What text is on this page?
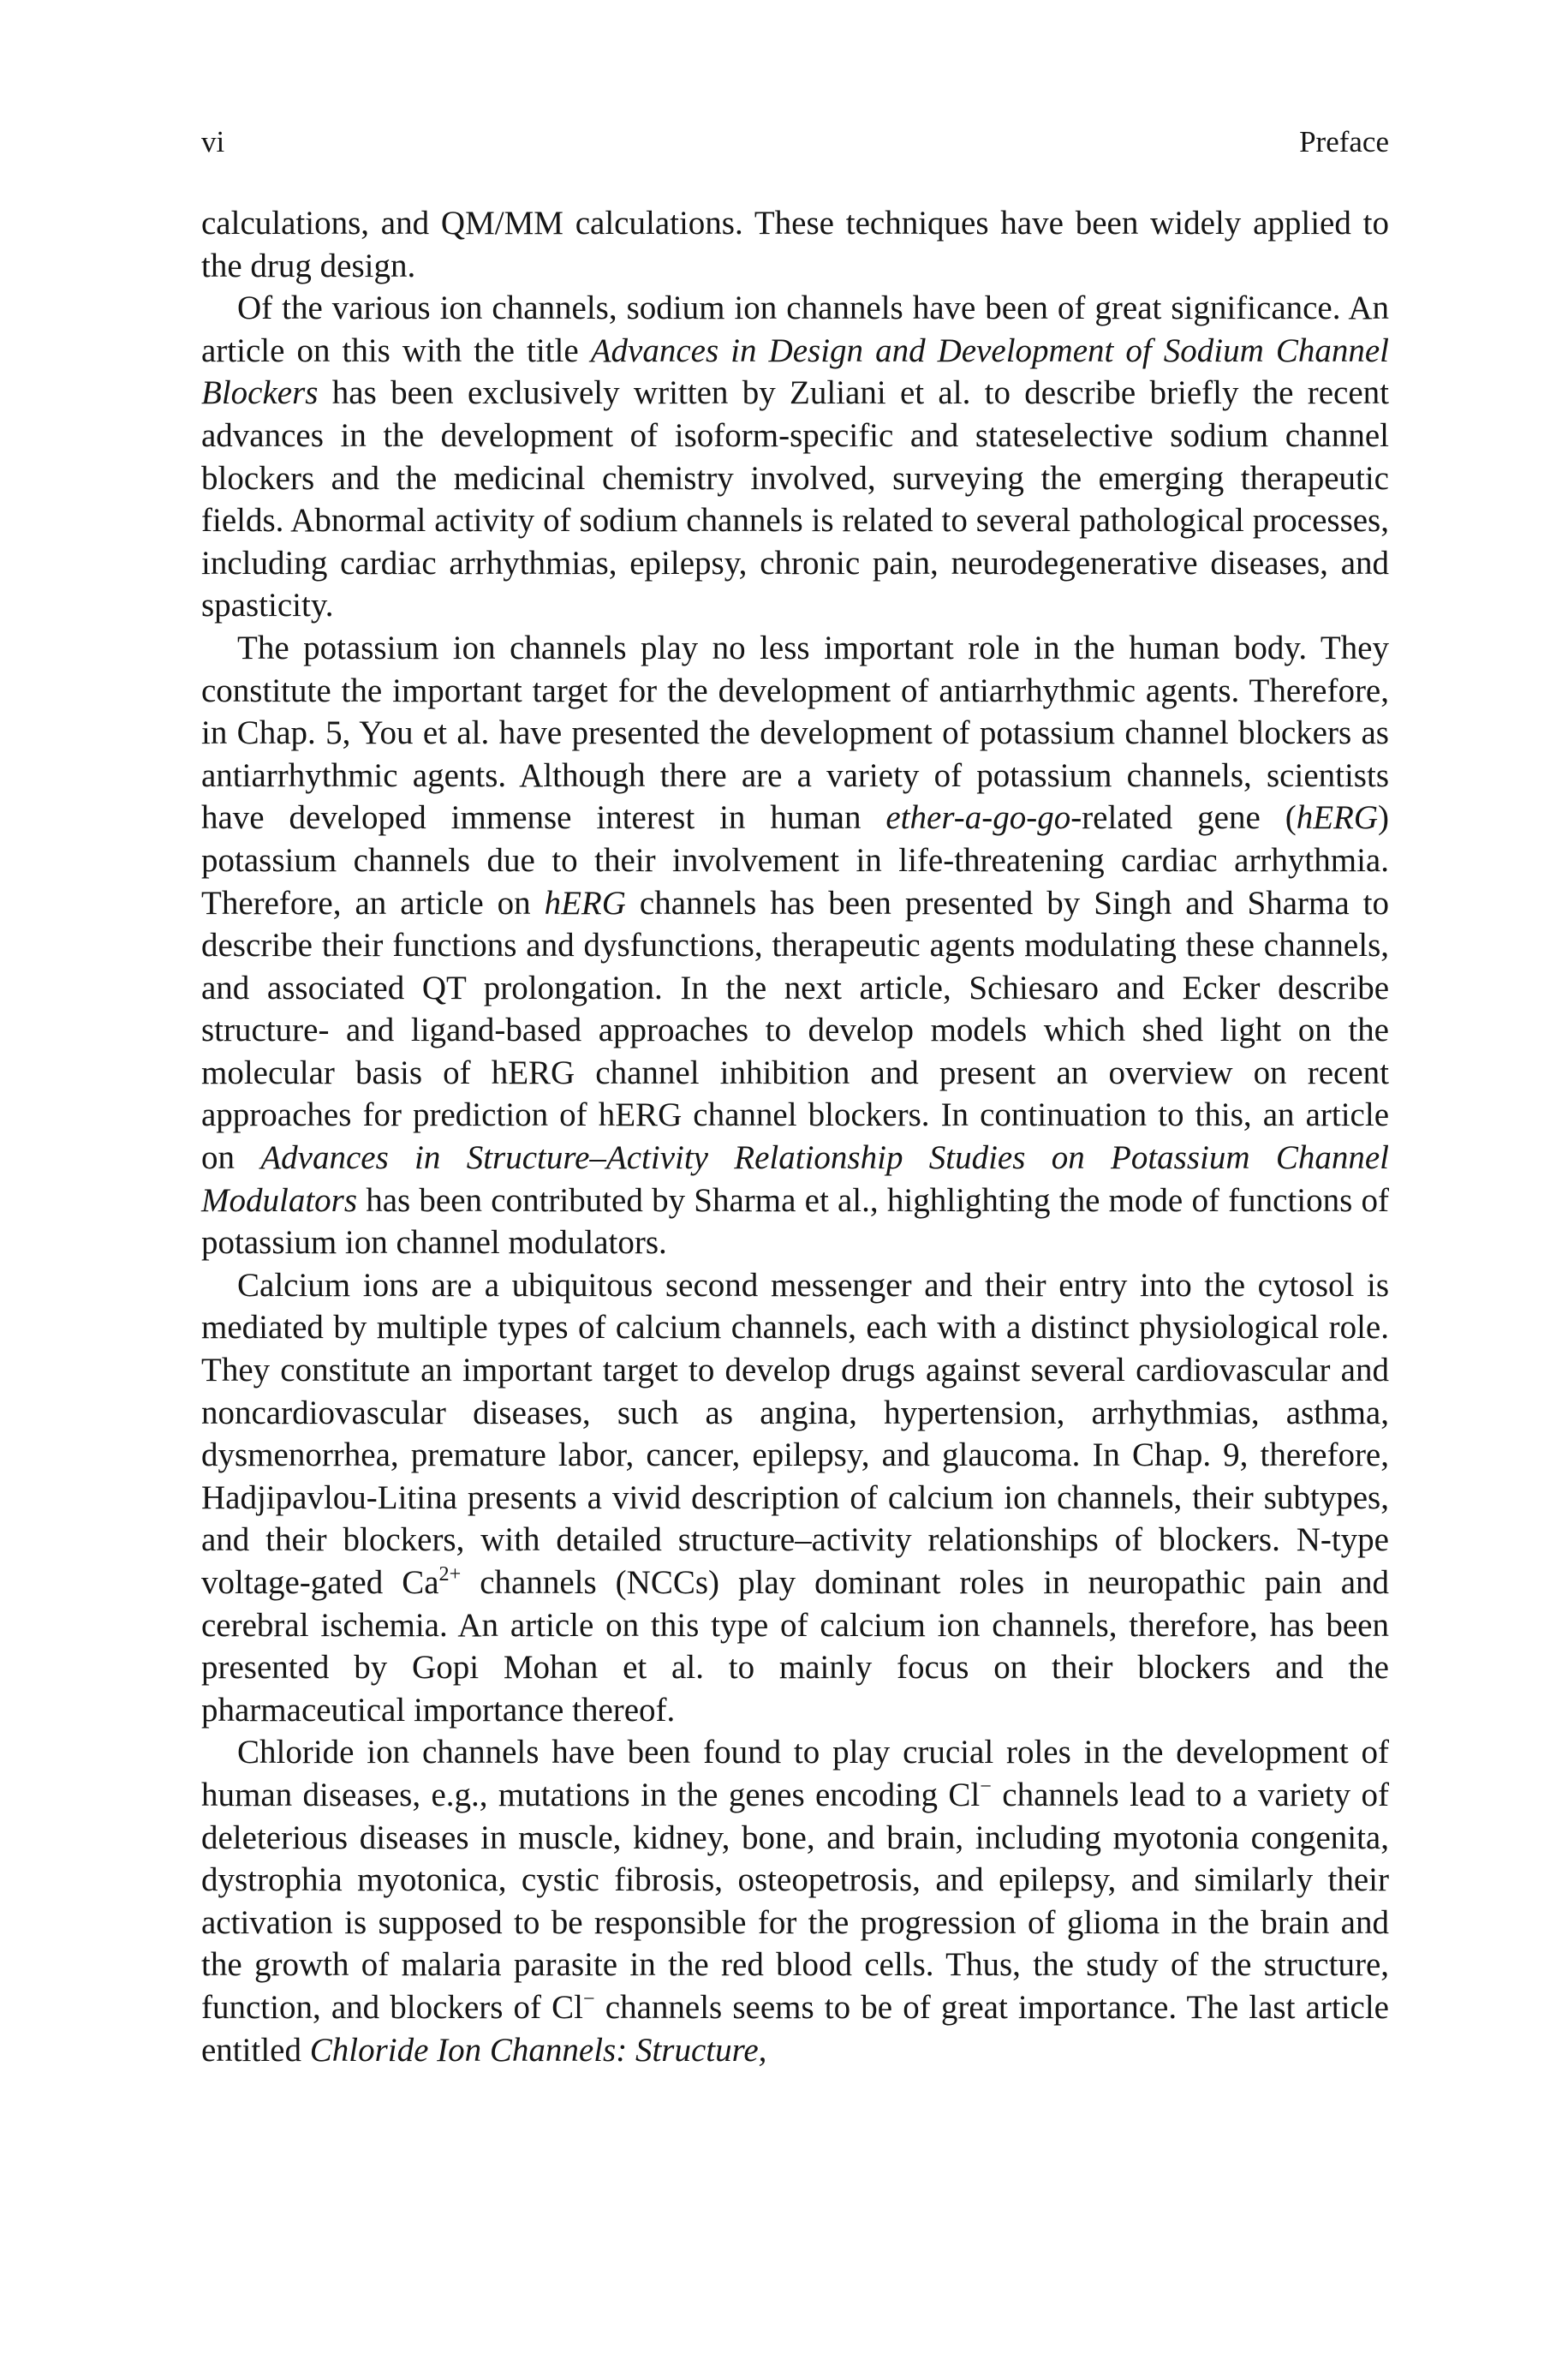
vi	Preface

calculations, and QM/MM calculations. These techniques have been widely applied to the drug design.

Of the various ion channels, sodium ion channels have been of great significance. An article on this with the title Advances in Design and Development of Sodium Channel Blockers has been exclusively written by Zuliani et al. to describe briefly the recent advances in the development of isoform-specific and stateselective sodium channel blockers and the medicinal chemistry involved, surveying the emerging therapeutic fields. Abnormal activity of sodium channels is related to several pathological processes, including cardiac arrhythmias, epilepsy, chronic pain, neurodegenerative diseases, and spasticity.

The potassium ion channels play no less important role in the human body. They constitute the important target for the development of antiarrhythmic agents. Therefore, in Chap. 5, You et al. have presented the development of potassium channel blockers as antiarrhythmic agents. Although there are a variety of potassium channels, scientists have developed immense interest in human ether-a-go-go-related gene (hERG) potassium channels due to their involvement in life-threatening cardiac arrhythmia. Therefore, an article on hERG channels has been presented by Singh and Sharma to describe their functions and dysfunctions, therapeutic agents modulating these channels, and associated QT prolongation. In the next article, Schiesaro and Ecker describe structure- and ligand-based approaches to develop models which shed light on the molecular basis of hERG channel inhibition and present an overview on recent approaches for prediction of hERG channel blockers. In continuation to this, an article on Advances in Structure–Activity Relationship Studies on Potassium Channel Modulators has been contributed by Sharma et al., highlighting the mode of functions of potassium ion channel modulators.

Calcium ions are a ubiquitous second messenger and their entry into the cytosol is mediated by multiple types of calcium channels, each with a distinct physiological role. They constitute an important target to develop drugs against several cardiovascular and noncardiovascular diseases, such as angina, hypertension, arrhythmias, asthma, dysmenorrhea, premature labor, cancer, epilepsy, and glaucoma. In Chap. 9, therefore, Hadjipavlou-Litina presents a vivid description of calcium ion channels, their subtypes, and their blockers, with detailed structure–activity relationships of blockers. N-type voltage-gated $Ca^{2+}$ channels (NCCs) play dominant roles in neuropathic pain and cerebral ischemia. An article on this type of calcium ion channels, therefore, has been presented by Gopi Mohan et al. to mainly focus on their blockers and the pharmaceutical importance thereof.

Chloride ion channels have been found to play crucial roles in the development of human diseases, e.g., mutations in the genes encoding Cl− channels lead to a variety of deleterious diseases in muscle, kidney, bone, and brain, including myotonia congenita, dystrophia myotonica, cystic fibrosis, osteopetrosis, and epilepsy, and similarly their activation is supposed to be responsible for the progression of glioma in the brain and the growth of malaria parasite in the red blood cells. Thus, the study of the structure, function, and blockers of Cl− channels seems to be of great importance. The last article entitled Chloride Ion Channels: Structure,
